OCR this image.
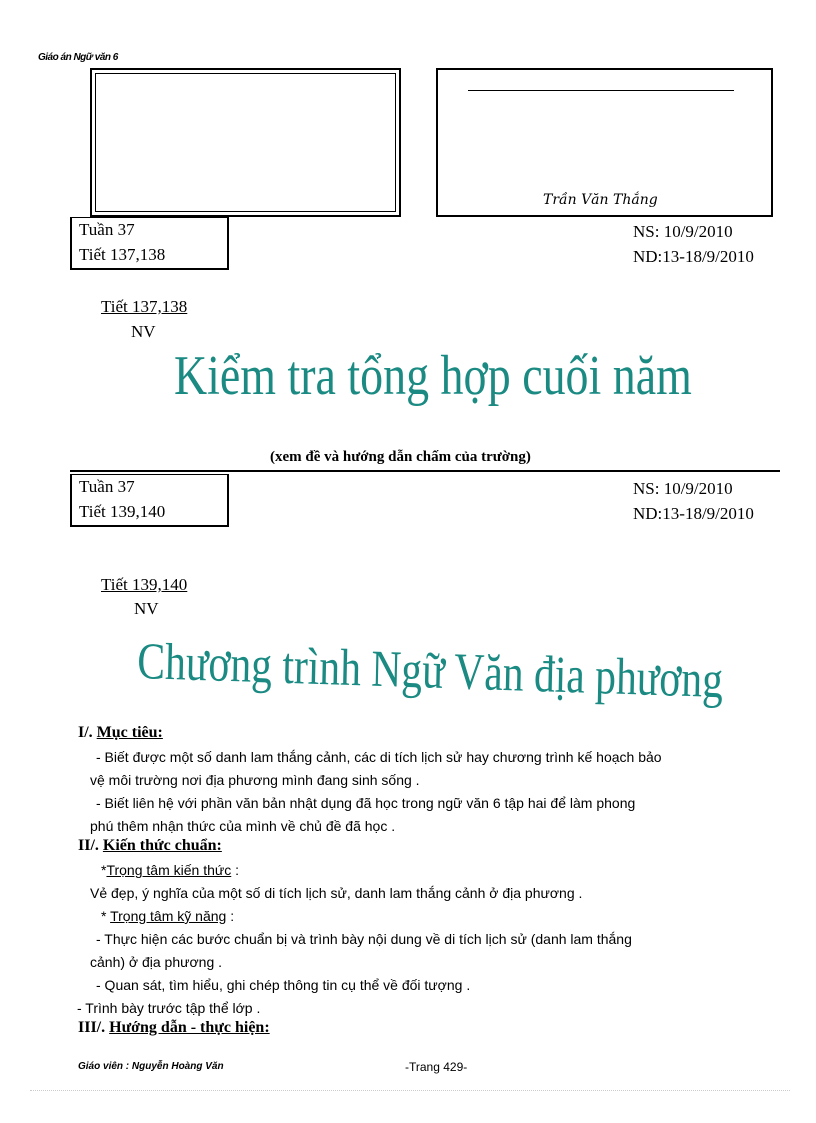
Giáo án Ngữ văn 6
Trần Văn Thắng
Tuần 37
Tiết 137,138
NS: 10/9/2010
ND:13-18/9/2010
Tiết 137,138
NV
Kiểm tra tổng hợp cuối năm
(xem đề và hướng dẫn chấm của trường)
Tuần 37
Tiết 139,140
NS: 10/9/2010
ND:13-18/9/2010
Tiết 139,140
NV
Chương trình Ngữ Văn địa phương
I/. Mục tiêu:
- Biết được một số danh lam thắng cảnh, các di tích lịch sử hay chương trình kế hoạch bảo
vệ môi trường nơi địa phương mình đang sinh sống .
- Biết liên hệ với phần văn bản nhật dụng đã học trong ngữ văn 6 tập hai để làm phong
phú thêm nhận thức của mình về chủ đề đã học .
II/. Kiến thức chuẩn:
*Trọng tâm kiến thức :
Vẻ đẹp, ý nghĩa của một số di tích lịch sử, danh lam thắng cảnh ở địa phương .
* Trọng tâm kỹ năng :
- Thực hiện các bước chuẩn bị và trình bày nội dung về di tích lịch sử (danh lam thắng
cảnh) ở địa phương .
- Quan sát, tìm hiểu, ghi chép thông tin cụ thể về đối tượng .
- Trình bày trước tập thể lớp .
III/. Hướng dẫn - thực hiện:
Giáo viên : Nguyễn Hoàng Văn	-Trang 429-
